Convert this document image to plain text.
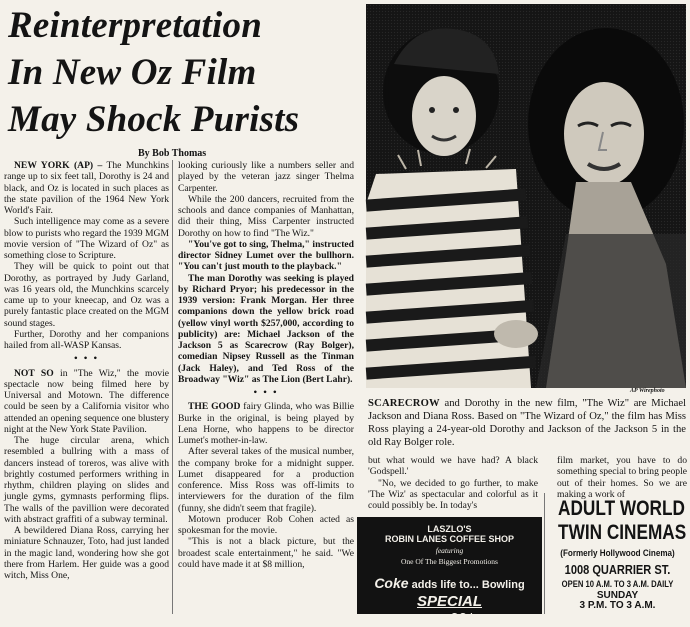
Reinterpretation
In New Oz Film
May Shock Purists

By Bob Thomas

NEW YORK (AP) – The Munchkins range up to six feet tall, Dorothy is 24 and black, and Oz is located in such places as the state pavilion of the 1964 New York World's Fair.

Such intelligence may come as a severe blow to purists who regard the 1939 MGM movie version of "The Wizard of Oz" as something close to Scripture.

They will be quick to point out that Dorothy, as portrayed by Judy Garland, was 16 years old, the Munchkins scarcely came up to your kneecap, and Oz was a purely fantastic place created on the MGM sound stages.

Further, Dorothy and her companions hailed from all-WASP Kansas.

• • •

NOT SO in "The Wiz," the movie spectacle now being filmed here by Universal and Motown. The difference could be seen by a California visitor who attended an opening sequence one blustery night at the New York State Pavilion.

The huge circular arena, which resembled a bullring with a mass of dancers instead of toreros, was alive with brightly costumed performers writhing in rhythm, children playing on slides and jungle gyms, gymnasts performing flips. The walls of the pavillion were decorated with abstract graffiti of a subway terminal.

A bewildered Diana Ross, carrying her miniature Schnauzer, Toto, had just landed in the magic land, wondering how she got there from Harlem. Her guide was a good witch, Miss One,

looking curiously like a numbers seller and played by the veteran jazz singer Thelma Carpenter.

While the 200 dancers, recruited from the schools and dance companies of Manhattan, did their thing, Miss Carpenter instructed Dorothy on how to find "The Wiz."

"You've got to sing, Thelma," instructed director Sidney Lumet over the bullhorn. "You can't just mouth to the playback."

The man Dorothy was seeking is played by Richard Pryor; his predecessor in the 1939 version: Frank Morgan. Her three companions down the yellow brick road (yellow vinyl worth $257,000, according to publicity) are: Michael Jackson of the Jackson 5 as Scarecrow (Ray Bolger), comedian Nipsey Russell as the Tinman (Jack Haley), and Ted Ross of the Broadway "Wiz" as The Lion (Bert Lahr).

• • •

THE GOOD fairy Glinda, who was Billie Burke in the original, is being played by Lena Horne, who happens to be director Lumet's mother-in-law.

After several takes of the musical number, the company broke for a midnight supper. Lumet disappeared for a production conference. Miss Ross was off-limits to interviewers for the duration of the film (funny, she didn't seem that fragile).

Motown producer Rob Cohen acted as spokesman for the movie.

"This is not a black picture, but the broadest scale entertainment," he said. "We could have made it at $8 million,

AP Wirephoto
SCARECROW and Dorothy in the new film, "The Wiz" are Michael Jackson and Diana Ross. Based on "The Wizard of Oz," the film has Miss Ross playing a 24-year-old Dorothy and Jackson of the Jackson 5 in the old Ray Bolger role.

but what would we have had? A black 'Godspell.'

"No, we decided to go further, to make 'The Wiz' as spectacular and colorful as it could possibly be. In today's

film market, you have to do something special to bring people out of their homes. So we are making a work of

LASZLO'S
ROBIN LANES COFFEE SHOP
featuring
One Of The Biggest Promotions
Coke adds life to... Bowling
SPECIAL
2 00¢
ADULT WORLD
TWIN CINEMAS
(Formerly Hollywood Cinema)
1008 QUARRIER ST.
OPEN 10 A.M. TO 3 A.M. DAILY
SUNDAY
3 P.M. TO 3 A.M.
